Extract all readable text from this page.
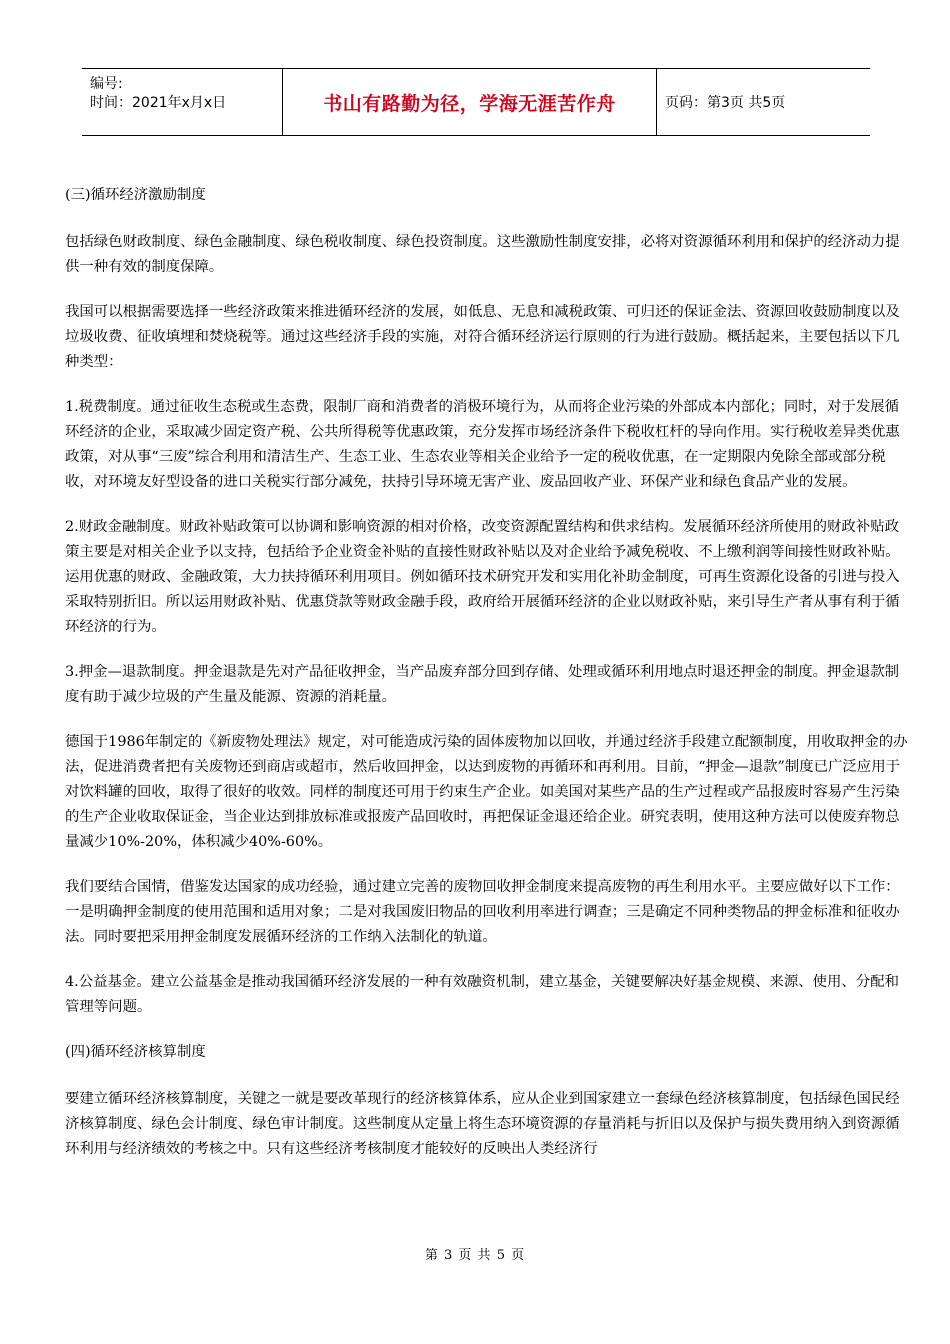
编号:
时间：2021年x月x日	书山有路勤为径，学海无涯苦作舟	页码：第3页 共5页

(三)循环经济激励制度

包括绿色财政制度、绿色金融制度、绿色税收制度、绿色投资制度。这些激励性制度安排，必将对资源循环利用和保护的经济动力提供一种有效的制度保障。

我国可以根据需要选择一些经济政策来推进循环经济的发展，如低息、无息和减税政策、可归还的保证金法、资源回收鼓励制度以及垃圾收费、征收填埋和焚烧税等。通过这些经济手段的实施，对符合循环经济运行原则的行为进行鼓励。概括起来，主要包括以下几种类型：

1.税费制度。通过征收生态税或生态费，限制厂商和消费者的消极环境行为，从而将企业污染的外部成本内部化；同时，对于发展循环经济的企业，采取减少固定资产税、公共所得税等优惠政策，充分发挥市场经济条件下税收杠杆的导向作用。实行税收差异类优惠政策，对从事“三废”综合利用和清洁生产、生态工业、生态农业等相关企业给予一定的税收优惠，在一定期限内免除全部或部分税收，对环境友好型设备的进口关税实行部分减免，扶持引导环境无害产业、废品回收产业、环保产业和绿色食品产业的发展。

2.财政金融制度。财政补贴政策可以协调和影响资源的相对价格，改变资源配置结构和供求结构。发展循环经济所使用的财政补贴政策主要是对相关企业予以支持，包括给予企业资金补贴的直接性财政补贴以及对企业给予减免税收、不上缴利润等间接性财政补贴。 运用优惠的财政、金融政策，大力扶持循环利用项目。例如循环技术研究开发和实用化补助金制度，可再生资源化设备的引进与投入采取特别折旧。所以运用财政补贴、优惠贷款等财政金融手段，政府给开展循环经济的企业以财政补贴，来引导生产者从事有利于循环经济的行为。

3.押金—退款制度。押金退款是先对产品征收押金，当产品废弃部分回到存储、处理或循环利用地点时退还押金的制度。押金退款制度有助于减少垃圾的产生量及能源、资源的消耗量。

德国于1986年制定的《新废物处理法》规定，对可能造成污染的固体废物加以回收，并通过经济手段建立配额制度，用收取押金的办法，促进消费者把有关废物还到商店或超市，然后收回押金，以达到废物的再循环和再利用。目前，“押金—退款”制度已广泛应用于对饮料罐的回收，取得了很好的收效。同样的制度还可用于约束生产企业。如美国对某些产品的生产过程或产品报废时容易产生污染的生产企业收取保证金，当企业达到排放标准或报废产品回收时，再把保证金退还给企业。研究表明，使用这种方法可以使废弃物总量减少10%-20%，体积减少40%-60%。

我们要结合国情，借鉴发达国家的成功经验，通过建立完善的废物回收押金制度来提高废物的再生利用水平。主要应做好以下工作：一是明确押金制度的使用范围和适用对象；二是对我国废旧物品的回收利用率进行调查；三是确定不同种类物品的押金标准和征收办法。同时要把采用押金制度发展循环经济的工作纳入法制化的轨道。

4.公益基金。建立公益基金是推动我国循环经济发展的一种有效融资机制，建立基金，关键要解决好基金规模、来源、使用、分配和管理等问题。

(四)循环经济核算制度

要建立循环经济核算制度，关键之一就是要改革现行的经济核算体系，应从企业到国家建立一套绿色经济核算制度，包括绿色国民经济核算制度、绿色会计制度、绿色审计制度。这些制度从定量上将生态环境资源的存量消耗与折旧以及保护与损失费用纳入到资源循环利用与经济绩效的考核之中。只有这些经济考核制度才能较好的反映出人类经济行

第 3 页 共 5 页
